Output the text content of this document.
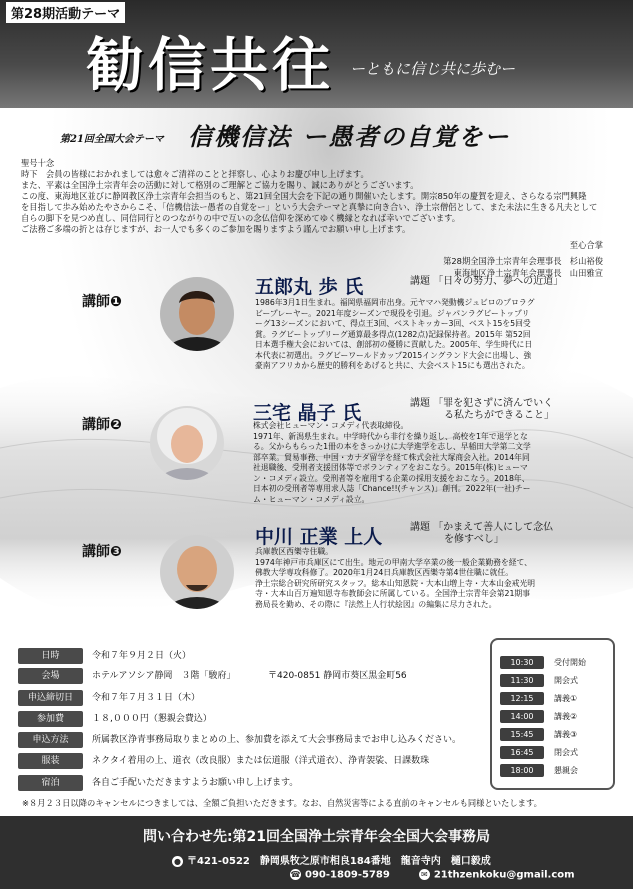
第28期活動テーマ
勧信共往 ーともに信じ共に歩むー
第21回全国大会テーマ 信機信法 ー愚者の自覚をー

聖号十念

時下　会員の皆様におかれましては愈々ご清祥のことと拝察し、心よりお慶び申し上げます。

また、平素は全国浄土宗青年会の活動に対して格別のご理解とご協力を賜り、誠にありがとうございます。

この度、東海地区並びに静岡教区浄土宗青年会担当のもと、第21回全国大会を下記の通り開催いたします。開宗850年の慶賀を迎え、さらなる宗門興隆

を目指して歩み始めたやさからこそ、「信機信法ー愚者の自覚をー」という大会テーマと真摯に向き合い、浄土宗僧侶として、また未法に生きる凡夫として

自らの脚下を見つめ直し、同信同行とのつながりの中で互いの念仏信仰を深めてゆく機縁となれば幸いでございます。

ご法務ご多端の折とは存じますが、お一人でも多くのご参加を賜りますよう謹んでお願い申し上げます。

至心合掌
第28期全国浄土宗青年会理事長　杉山裕俊
東海地区浄土宗青年会理事長　山田雅宣
講師❶
五郎丸 歩 氏	講題 「日々の努力、夢への近道」

1986年3月1日生まれ。福岡県福岡市出身。元ヤマハ発動機ジュビロのプロラグ

ビープレーヤー。2021年度シーズンで現役を引退。ジャパンラグビートップリ

ーグ13シーズンにおいて、得点王3回、ベストキッカー3回、ベスト15を5回受

賞。ラグビートップリーグ通算最多得点(1282点)記録保持者。2015年 第52回

日本選手権大会においては、創部初の優勝に貢献した。2005年、学生時代に日

本代表に初選出。ラグビーワールドカップ2015イングランド大会に出場し、強

豪南アフリカから歴史的勝利をあげると共に、大会ベスト15にも選出された。

講師❷
三宅 晶子 氏	講題 「罪を犯さずに済んでいく
る私たちができること」

株式会社ヒューマン・コメディ代表取締役。

1971年、新潟県生まれ。中学時代から非行を繰り返し、高校を1年で退学とな

る。父からもらった1冊の本をきっかけに大学進学を志し、早稲田大学第二文学

部卒業。貿易事務、中国・カナダ留学を経て株式会社大塚商会入社。2014年同

社退職後、受刑者支援団体等でボランティアをおこなう。2015年(株)ヒューマ

ン・コメディ設立。受刑者等を雇用する企業の採用支援をおこなう。2018年、

日本初の受刑者等専用求人誌「Chance!!(チャンス)」創刊。2022年(一社)チー

ム・ヒューマン・コメディ設立。

講師❸
中川 正業 上人	講題 「かまえて善人にして念仏
を修すべし」

兵庫教区西樂寺住職。

1974年神戸市兵庫区にて出生。地元の甲南大学卒業の後一般企業勤務を経て、

佛教大学専攻科修了。2020年1月24日兵庫教区西樂寺第4世住職に就任。

浄土宗総合研究所研究スタッフ。総本山知恩院・大本山増上寺・大本山金戒光明

寺・大本山百万遍知恩寺布教師会に所属している。全国浄土宗青年会第21期事

務局長を勤め、その際に『法然上人行状絵図』の編集に尽力された。

日時	令和７年９月２日（火）
会場	ホテルアソシア静岡　３階「駿府」	〒420-0851 静岡市葵区黒金町56
申込締切日	令和７年７月３１日（木）
参加費	１８,０００円（懇親会費込）
申込方法	所属教区浄青事務局取りまとめの上、参加費を添えて大会事務局までお申し込みください。
服装	ネクタイ着用の上、道衣（改良服）または伝道服（洋式道衣）、浄青袈裟、日課数珠
宿泊	各自ご手配いただきますようお願い申し上げます。
10:30	受付開始
11:30	開会式
12:15	講義①
14:00	講義②
15:45	講義③
16:45	閉会式
18:00	懇親会
※８月２３日以降のキャンセルにつきましては、全額ご負担いただきます。なお、自然災害等による直前のキャンセルも同様といたします。
問い合わせ先:第21回全国浄土宗青年会全国大会事務局
● 〒421-0522　静岡県牧之原市相良184番地　龍音寺内　樋口毅成
☎ 090-1809-5789	✉ 21thzenkoku@gmail.com
